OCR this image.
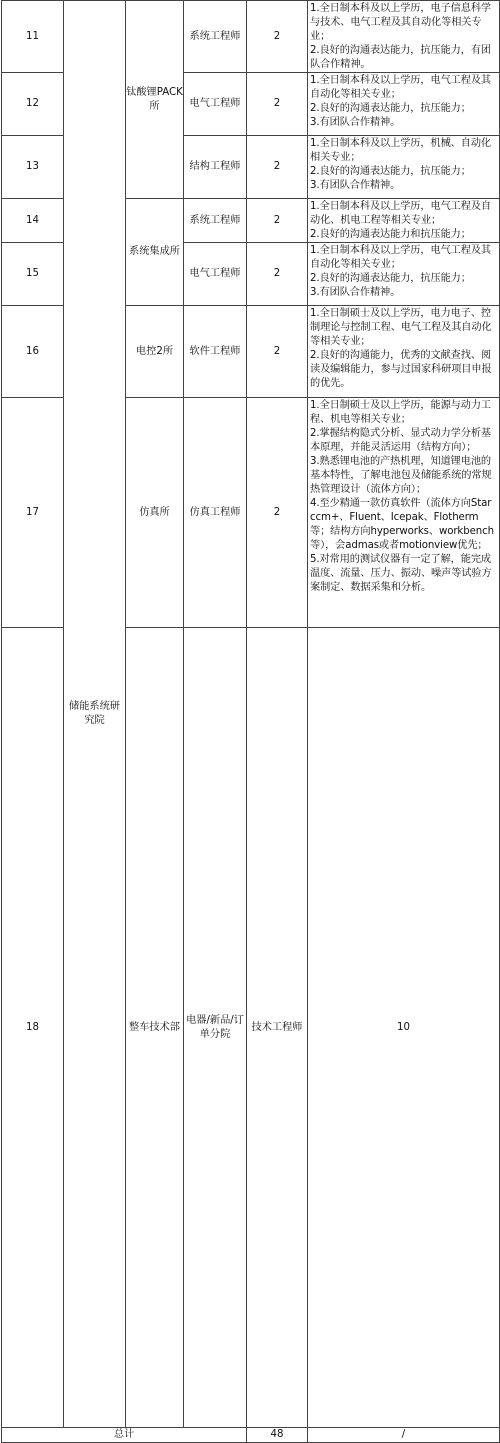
11	储能系统研究院	钛酸锂PACK所	系统工程师	2	1.全日制本科及以上学历，电子信息科学与技术、电气工程及其自动化等相关专业；
2.良好的沟通表达能力，抗压能力，有团队合作精神。	

12			电气工程师	2	1.全日制本科及以上学历，电气工程及其自动化等相关专业；
2.良好的沟通表达能力，抗压能力；
3.有团队合作精神。	

13			结构工程师	2	1.全日制本科及以上学历，机械、自动化相关专业；
2.良好的沟通表达能力，抗压能力；
3.有团队合作精神。	

14		系统集成所	系统工程师	2	1.全日制本科及以上学历，电气工程及自动化、机电工程等相关专业；
2.良好的沟通表达能力和抗压能力；	

15			电气工程师	2	1.全日制本科及以上学历，电气工程及其自动化等相关专业；
2.良好的沟通表达能力，抗压能力；
3.有团队合作精神。	

16		电控2所	软件工程师	2	1.全日制硕士及以上学历，电力电子、控制理论与控制工程、电气工程及其自动化等相关专业；
2.良好的沟通能力，优秀的文献查找、阅读及编辑能力，参与过国家科研项目申报的优先。	

17		仿真所	仿真工程师	2	1.全日制硕士及以上学历，能源与动力工程、机电等相关专业；
2.掌握结构隐式分析、显式动力学分析基本原理，并能灵活运用（结构方向）；
3.熟悉锂电池的产热机理，知道锂电池的基本特性，了解电池包及储能系统的常规热管理设计（流体方向）；
4.至少精通一款仿真软件（流体方向Star ccm+、Fluent、Icepak、Flotherm等；结构方向hyperworks、workbench等），会admas或者motionview优先；
5.对常用的测试仪器有一定了解，能完成温度、流量、压力、振动、噪声等试验方案制定、数据采集和分析。	

18		整车技术部	电器/新品/订单分院	技术工程师	10	

总计				48	/	
